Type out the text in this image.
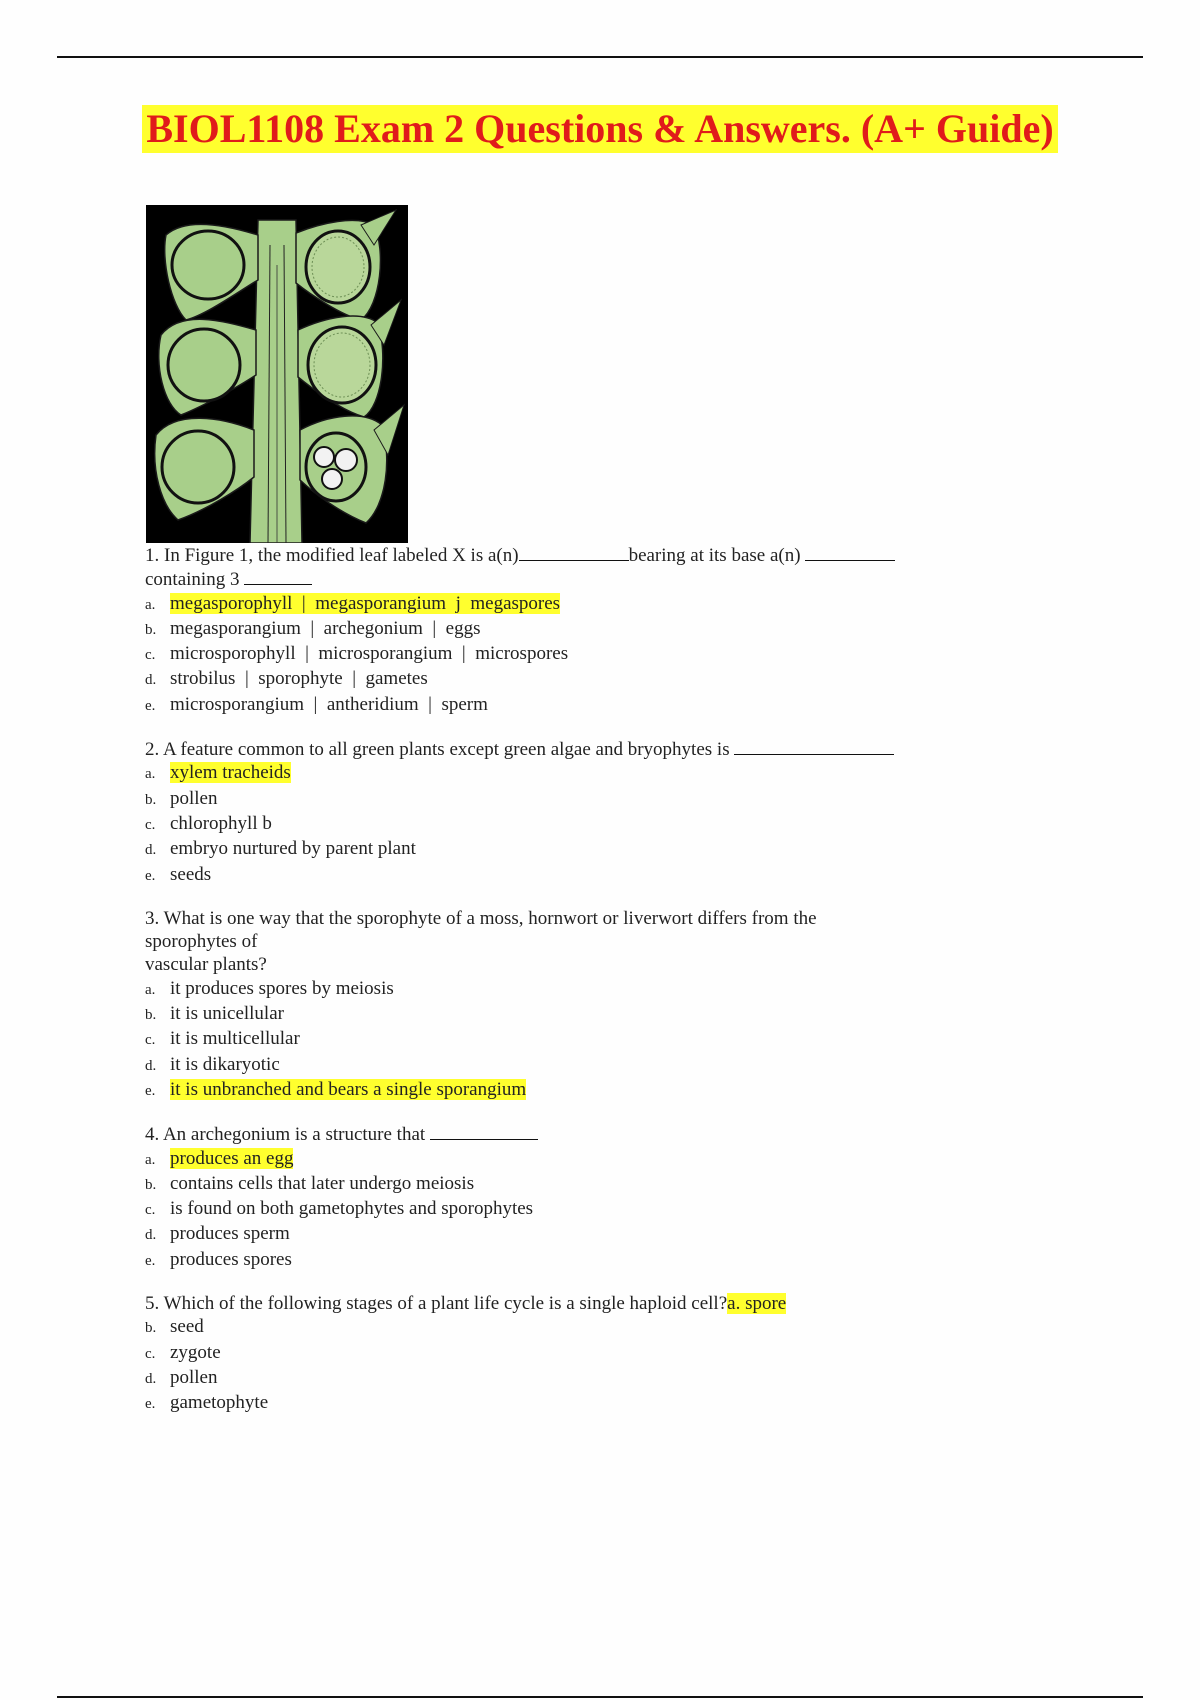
BIOL1108 Exam 2 Questions & Answers. (A+ Guide)
1. In Figure 1, the modified leaf labeled X is a(n)	bearing at its base a(n)
containing 3
a. megasporophyll  |  megasporangium  j  megaspores
b. megasporangium  |  archegonium  |  eggs
c. microsporophyll  |  microsporangium  |  microspores
d. strobilus  |  sporophyte  |  gametes
e. microsporangium  |  antheridium  |  sperm
2. A feature common to all green plants except green algae and bryophytes is
a. xylem tracheids
b. pollen
c. chlorophyll b
d. embryo nurtured by parent plant
e. seeds
3. What is one way that the sporophyte of a moss, hornwort or liverwort differs from the
sporophytes of
vascular plants?
a. it produces spores by meiosis
b. it is unicellular
c. it is multicellular
d. it is dikaryotic
e. it is unbranched and bears a single sporangium
4. An archegonium is a structure that
a. produces an egg
b. contains cells that later undergo meiosis
c. is found on both gametophytes and sporophytes
d. produces sperm
e. produces spores
5. Which of the following stages of a plant life cycle is a single haploid cell?a. spore
b. seed
c. zygote
d. pollen
e. gametophyte
